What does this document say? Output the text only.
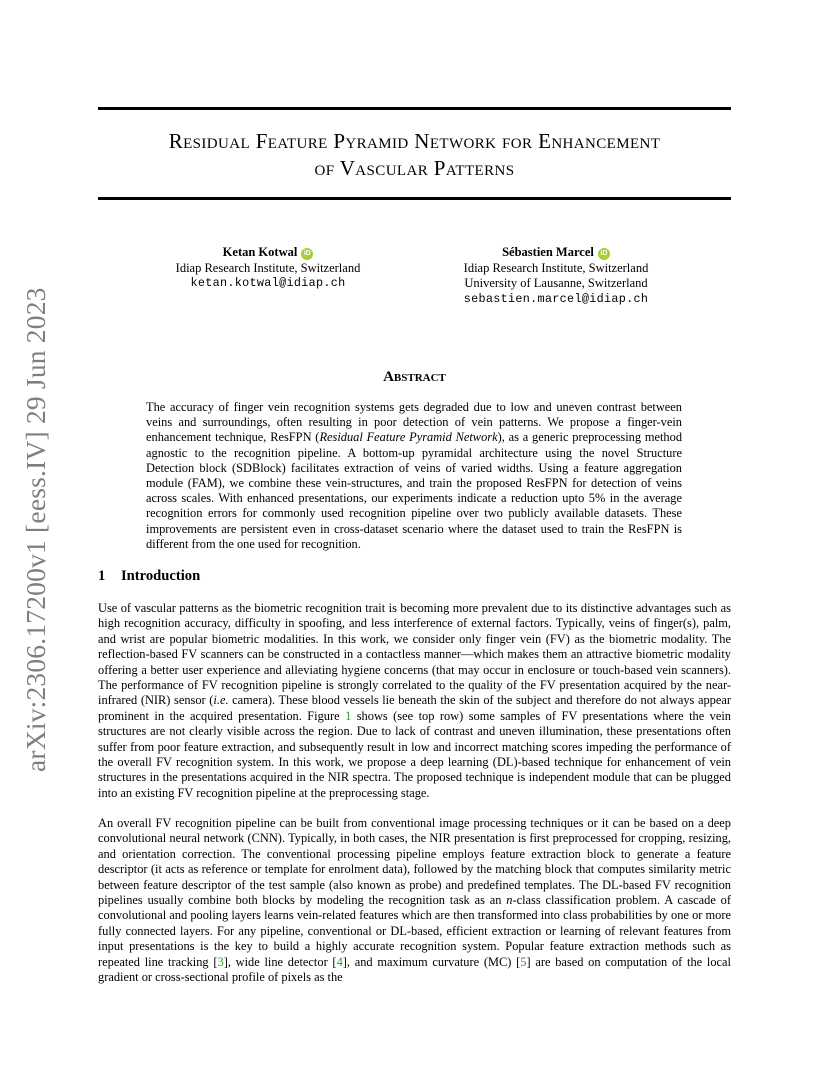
arXiv:2306.17200v1 [eess.IV] 29 Jun 2023
Residual Feature Pyramid Network for Enhancement
of Vascular Patterns
Ketan Kotwal iD
Idiap Research Institute, Switzerland
ketan.kotwal@idiap.ch
Sébastien Marcel iD
Idiap Research Institute, Switzerland
University of Lausanne, Switzerland
sebastien.marcel@idiap.ch
Abstract
The accuracy of finger vein recognition systems gets degraded due to low and uneven contrast between veins and surroundings, often resulting in poor detection of vein patterns. We propose a finger-vein enhancement technique, ResFPN (Residual Feature Pyramid Network), as a generic preprocessing method agnostic to the recognition pipeline. A bottom-up pyramidal architecture using the novel Structure Detection block (SDBlock) facilitates extraction of veins of varied widths. Using a feature aggregation module (FAM), we combine these vein-structures, and train the proposed ResFPN for detection of veins across scales. With enhanced presentations, our experiments indicate a reduction upto 5% in the average recognition errors for commonly used recognition pipeline over two publicly available datasets. These improvements are persistent even in cross-dataset scenario where the dataset used to train the ResFPN is different from the one used for recognition.
1 Introduction
Use of vascular patterns as the biometric recognition trait is becoming more prevalent due to its distinctive advantages such as high recognition accuracy, difficulty in spoofing, and less interference of external factors. Typically, veins of finger(s), palm, and wrist are popular biometric modalities. In this work, we consider only finger vein (FV) as the biometric modality. The reflection-based FV scanners can be constructed in a contactless manner—which makes them an attractive biometric modality offering a better user experience and alleviating hygiene concerns (that may occur in enclosure or touch-based vein scanners). The performance of FV recognition pipeline is strongly correlated to the quality of the FV presentation acquired by the near-infrared (NIR) sensor (i.e. camera). These blood vessels lie beneath the skin of the subject and therefore do not always appear prominent in the acquired presentation. Figure 1 shows (see top row) some samples of FV presentations where the vein structures are not clearly visible across the region. Due to lack of contrast and uneven illumination, these presentations often suffer from poor feature extraction, and subsequently result in low and incorrect matching scores impeding the performance of the overall FV recognition system. In this work, we propose a deep learning (DL)-based technique for enhancement of vein structures in the presentations acquired in the NIR spectra. The proposed technique is independent module that can be plugged into an existing FV recognition pipeline at the preprocessing stage.
An overall FV recognition pipeline can be built from conventional image processing techniques or it can be based on a deep convolutional neural network (CNN). Typically, in both cases, the NIR presentation is first preprocessed for cropping, resizing, and orientation correction. The conventional processing pipeline employs feature extraction block to generate a feature descriptor (it acts as reference or template for enrolment data), followed by the matching block that computes similarity metric between feature descriptor of the test sample (also known as probe) and predefined templates. The DL-based FV recognition pipelines usually combine both blocks by modeling the recognition task as an n-class classification problem. A cascade of convolutional and pooling layers learns vein-related features which are then transformed into class probabilities by one or more fully connected layers. For any pipeline, conventional or DL-based, efficient extraction or learning of relevant features from input presentations is the key to build a highly accurate recognition system. Popular feature extraction methods such as repeated line tracking [3], wide line detector [4], and maximum curvature (MC) [5] are based on computation of the local gradient or cross-sectional profile of pixels as the
